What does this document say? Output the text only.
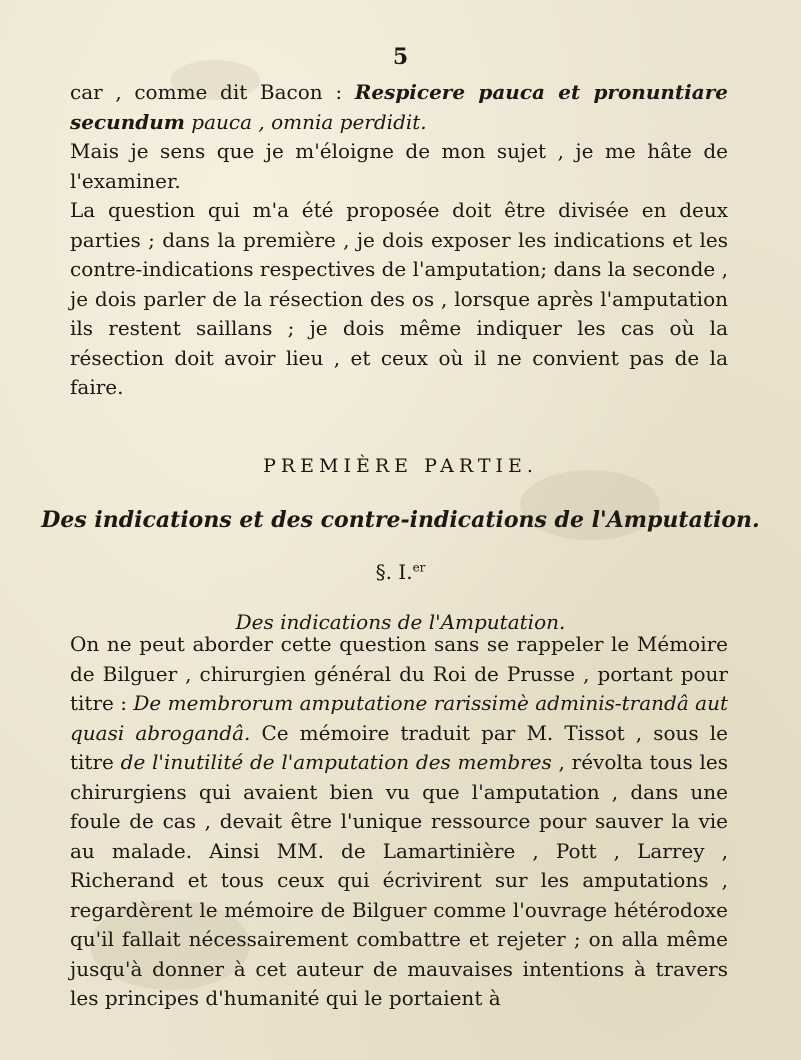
5

car , comme dit Bacon : Respicere pauca et pronuntiare secundum pauca , omnia perdidit.

Mais je sens que je m'éloigne de mon sujet , je me hâte de l'examiner.

La question qui m'a été proposée doit être divisée en deux parties ; dans la première , je dois exposer les indications et les contre-indications respectives de l'amputation; dans la seconde , je dois parler de la résection des os , lorsque après l'amputation ils restent saillans ; je dois même indiquer les cas où la résection doit avoir lieu , et ceux où il ne convient pas de la faire.

PREMIÈRE PARTIE.
Des indications et des contre-indications de l'Amputation.
§. I.$^{er}$
Des indications de l'Amputation.

On ne peut aborder cette question sans se rappeler le Mémoire de Bilguer , chirurgien général du Roi de Prusse , portant pour titre : De membrorum amputatione rarissimè adminis-trandâ aut quasi abrogandâ. Ce mémoire traduit par M. Tissot , sous le titre de l'inutilité de l'amputation des membres , révolta tous les chirurgiens qui avaient bien vu que l'amputation , dans une foule de cas , devait être l'unique ressource pour sauver la vie au malade. Ainsi MM. de Lamartinière , Pott , Larrey , Richerand et tous ceux qui écrivirent sur les amputations , regardèrent le mémoire de Bilguer comme l'ouvrage hétérodoxe qu'il fallait nécessairement combattre et rejeter ; on alla même jusqu'à donner à cet auteur de mauvaises intentions à travers les principes d'humanité qui le portaient à
